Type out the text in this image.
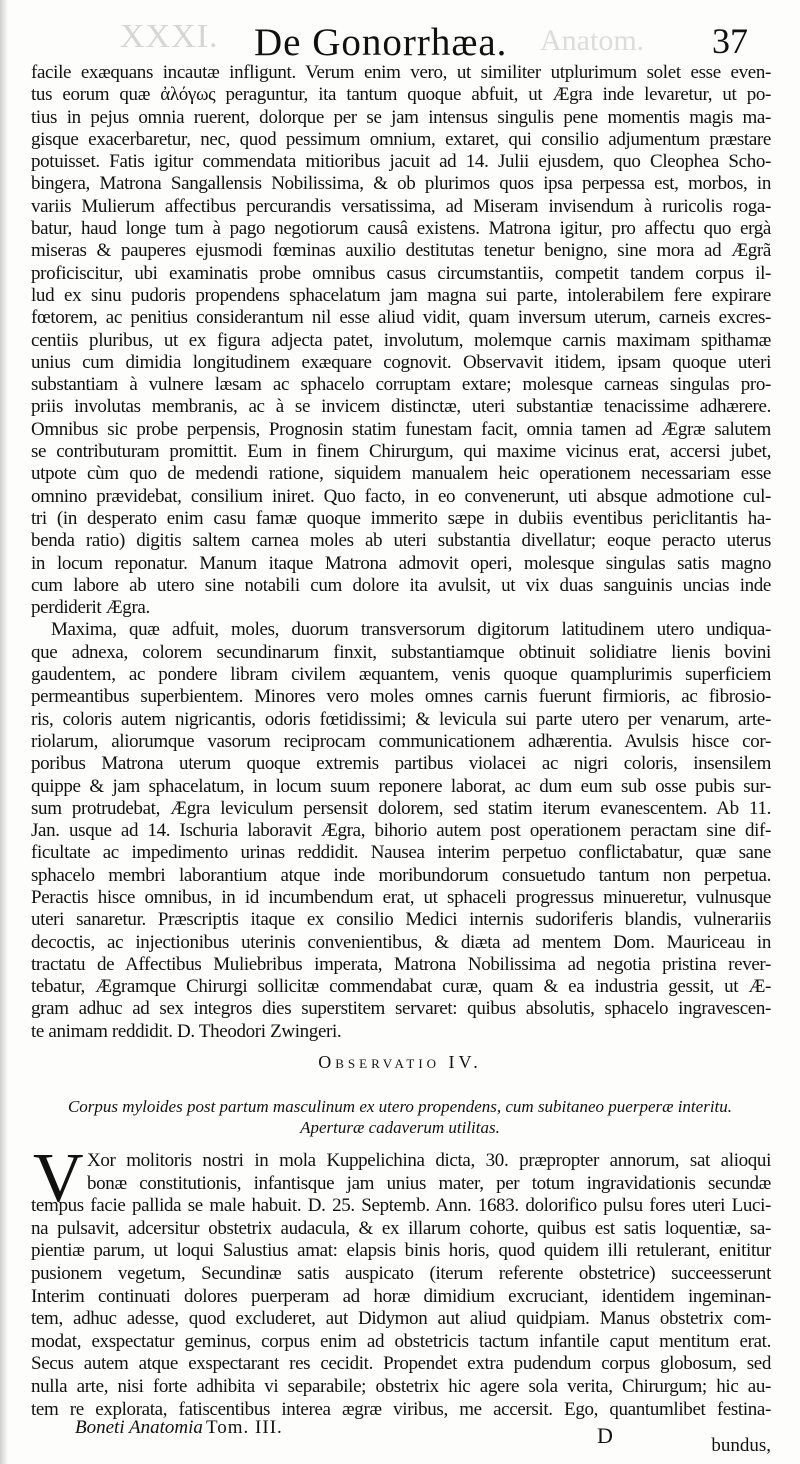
XXXI.	Anatom.
De Gonorrhæa.	37
facile exæquans incautæ infligunt. Verum enim vero, ut similiter utplurimum solet esse even-
tus eorum quæ ἀλόγως peraguntur, ita tantum quoque abfuit, ut Ægra inde levaretur, ut po-
tius in pejus omnia ruerent, dolorque per se jam intensus singulis pene momentis magis ma-
gisque exacerbaretur, nec, quod pessimum omnium, extaret, qui consilio adjumentum præstare
potuisset. Fatis igitur commendata mitioribus jacuit ad 14. Julii ejusdem, quo Cleophea Scho-
bingera, Matrona Sangallensis Nobilissima, & ob plurimos quos ipsa perpessa est, morbos, in
variis Mulierum affectibus percurandis versatissima, ad Miseram invisendum à ruricolis roga-
batur, haud longe tum à pago negotiorum causâ existens. Matrona igitur, pro affectu quo ergà
miseras & pauperes ejusmodi fœminas auxilio destitutas tenetur benigno, sine mora ad Ægrã
proficiscitur, ubi examinatis probe omnibus casus circumstantiis, competit tandem corpus il-
lud ex sinu pudoris propendens sphacelatum jam magna sui parte, intolerabilem fere expirare
fœtorem, ac penitius considerantum nil esse aliud vidit, quam inversum uterum, carneis excres-
centiis pluribus, ut ex figura adjecta patet, involutum, molemque carnis maximam spithamæ
unius cum dimidia longitudinem exæquare cognovit. Observavit itidem, ipsam quoque uteri
substantiam à vulnere læsam ac sphacelo corruptam extare; molesque carneas singulas pro-
priis involutas membranis, ac à se invicem distinctæ, uteri substantiæ tenacissime adhærere.
Omnibus sic probe perpensis, Prognosin statim funestam facit, omnia tamen ad Ægræ salutem
se contributuram promittit. Eum in finem Chirurgum, qui maxime vicinus erat, accersi jubet,
utpote cùm quo de medendi ratione, siquidem manualem heic operationem necessariam esse
omnino prævidebat, consilium iniret. Quo facto, in eo convenerunt, uti absque admotione cul-
tri (in desperato enim casu famæ quoque immerito sæpe in dubiis eventibus periclitantis ha-
benda ratio) digitis saltem carnea moles ab uteri substantia divellatur; eoque peracto uterus
in locum reponatur. Manum itaque Matrona admovit operi, molesque singulas satis magno
cum labore ab utero sine notabili cum dolore ita avulsit, ut vix duas sanguinis uncias inde
perdiderit Ægra.
Maxima, quæ adfuit, moles, duorum transversorum digitorum latitudinem utero undiqua-
que adnexa, colorem secundinarum finxit, substantiamque obtinuit solidiatre lienis bovini
gaudentem, ac pondere libram civilem æquantem, venis quoque quamplurimis superficiem
permeantibus superbientem. Minores vero moles omnes carnis fuerunt firmioris, ac fibrosio-
ris, coloris autem nigricantis, odoris fœtidissimi; & levicula sui parte utero per venarum, arte-
riolarum, aliorumque vasorum reciprocam communicationem adhærentia. Avulsis hisce cor-
poribus Matrona uterum quoque extremis partibus violacei ac nigri coloris, insensilem
quippe & jam sphacelatum, in locum suum reponere laborat, ac dum eum sub osse pubis sur-
sum protrudebat, Ægra leviculum persensit dolorem, sed statim iterum evanescentem. Ab 11.
Jan. usque ad 14. Ischuria laboravit Ægra, bihorio autem post operationem peractam sine dif-
ficultate ac impedimento urinas reddidit. Nausea interim perpetuo conflictabatur, quæ sane
sphacelo membri laborantium atque inde moribundorum consuetudo tantum non perpetua.
Peractis hisce omnibus, in id incumbendum erat, ut sphaceli progressus minueretur, vulnusque
uteri sanaretur. Præscriptis itaque ex consilio Medici internis sudoriferis blandis, vulnerariis
decoctis, ac injectionibus uterinis convenientibus, & diæta ad mentem Dom. Mauriceau in
tractatu de Affectibus Muliebribus imperata, Matrona Nobilissima ad negotia pristina rever-
tebatur, Ægramque Chirurgi sollicitæ commendabat curæ, quam & ea industria gessit, ut Æ-
gram adhuc ad sex integros dies superstitem servaret: quibus absolutis, sphacelo ingravescen-
te animam reddidit. D. Theodori Zwingeri.
Observatio IV.
Corpus myloides post partum masculinum ex utero propendens, cum subitaneo puerperæ interitu.
Aperturæ cadaverum utilitas.
V Xor molitoris nostri in mola Kuppelichina dicta, 30. præpropter annorum, sat alioqui
bonæ constitutionis, infantisque jam unius mater, per totum ingravidationis secundæ
tempus facie pallida se male habuit. D. 25. Septemb. Ann. 1683. dolorifico pulsu fores uteri Luci-
na pulsavit, adcersitur obstetrix audacula, & ex illarum cohorte, quibus est satis loquentiæ, sa-
pientiæ parum, ut loqui Salustius amat: elapsis binis horis, quod quidem illi retulerant, enititur
pusionem vegetum, Secundinæ satis auspicato (iterum referente obstetrice) succeesserunt
Interim continuati dolores puerperam ad horæ dimidium excruciant, identidem ingeminan-
tem, adhuc adesse, quod excluderet, aut Didymon aut aliud quidpiam. Manus obstetrix com-
modat, exspectatur geminus, corpus enim ad obstetricis tactum infantile caput mentitum erat.
Secus autem atque exspectarant res cecidit. Propendet extra pudendum corpus globosum, sed
nulla arte, nisi forte adhibita vi separabile; obstetrix hic agere sola verita, Chirurgum; hic au-
tem re explorata, fatiscentibus interea ægræ viribus, me accersit. Ego, quantumlibet festina-
Boneti Anatomia Tom. III.	D	bundus,
